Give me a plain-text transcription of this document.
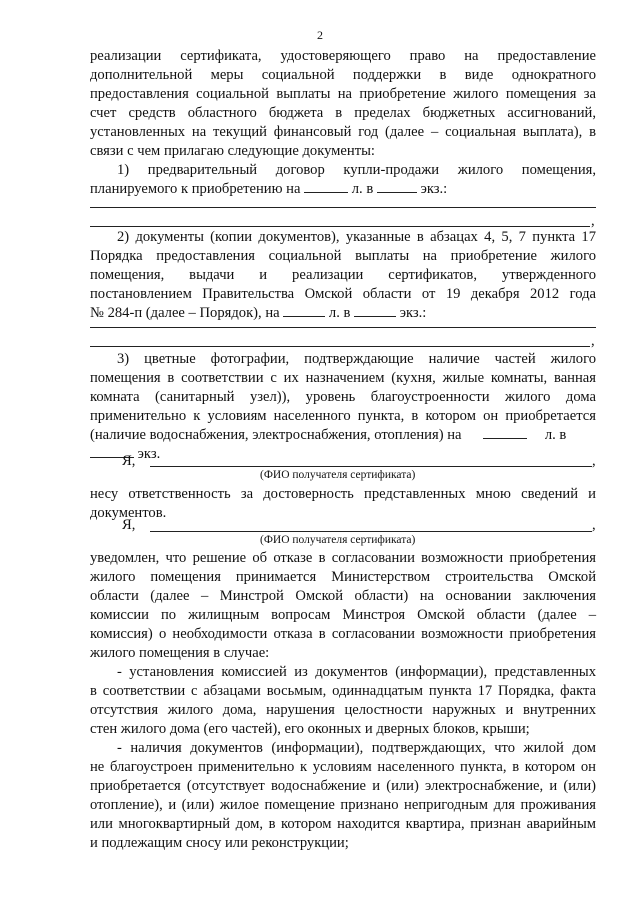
2
реализации сертификата, удостоверяющего право на предоставление
дополнительной меры социальной поддержки в виде однократного
предоставления социальной выплаты на приобретение жилого помещения за
счет средств областного бюджета в пределах бюджетных ассигнований,
установленных на текущий финансовый год (далее – социальная выплата), в
связи с чем прилагаю следующие документы:
1) предварительный договор купли-продажи жилого помещения,
планируемого к приобретению на	л. в	экз.:
,
2) документы (копии документов), указанные в абзацах 4, 5, 7 пункта 17
Порядка предоставления социальной выплаты на приобретение жилого
помещения, выдачи и реализации сертификатов, утвержденного
постановлением Правительства Омской области от 19 декабря 2012 года
№ 284-п (далее – Порядок), на	л. в	экз.:
,
3) цветные фотографии, подтверждающие наличие частей жилого
помещения в соответствии с их назначением (кухня, жилые комнаты, ванная
комната (санитарный узел)), уровень благоустроенности жилого дома
применительно к условиям населенного пункта, в котором он приобретается
(наличие водоснабжения, электроснабжения, отопления) на	л. в
экз.
Я,	,
(ФИО получателя сертификата)
несу ответственность за достоверность представленных мною сведений и
документов.
Я,	,
(ФИО получателя сертификата)
уведомлен, что решение об отказе в согласовании возможности приобретения
жилого помещения принимается Министерством строительства Омской
области (далее – Минстрой Омской области) на основании заключения
комиссии по жилищным вопросам Минстроя Омской области (далее –
комиссия) о необходимости отказа в согласовании возможности приобретения
жилого помещения в случае:
- установления комиссией из документов (информации), представленных
в соответствии с абзацами восьмым, одиннадцатым пункта 17 Порядка, факта
отсутствия жилого дома, нарушения целостности наружных и внутренних
стен жилого дома (его частей), его оконных и дверных блоков, крыши;
- наличия документов (информации), подтверждающих, что жилой дом
не благоустроен применительно к условиям населенного пункта, в котором он
приобретается (отсутствует водоснабжение и (или) электроснабжение, и (или)
отопление), и (или) жилое помещение признано непригодным для проживания
или многоквартирный дом, в котором находится квартира, признан аварийным
и подлежащим сносу или реконструкции;
